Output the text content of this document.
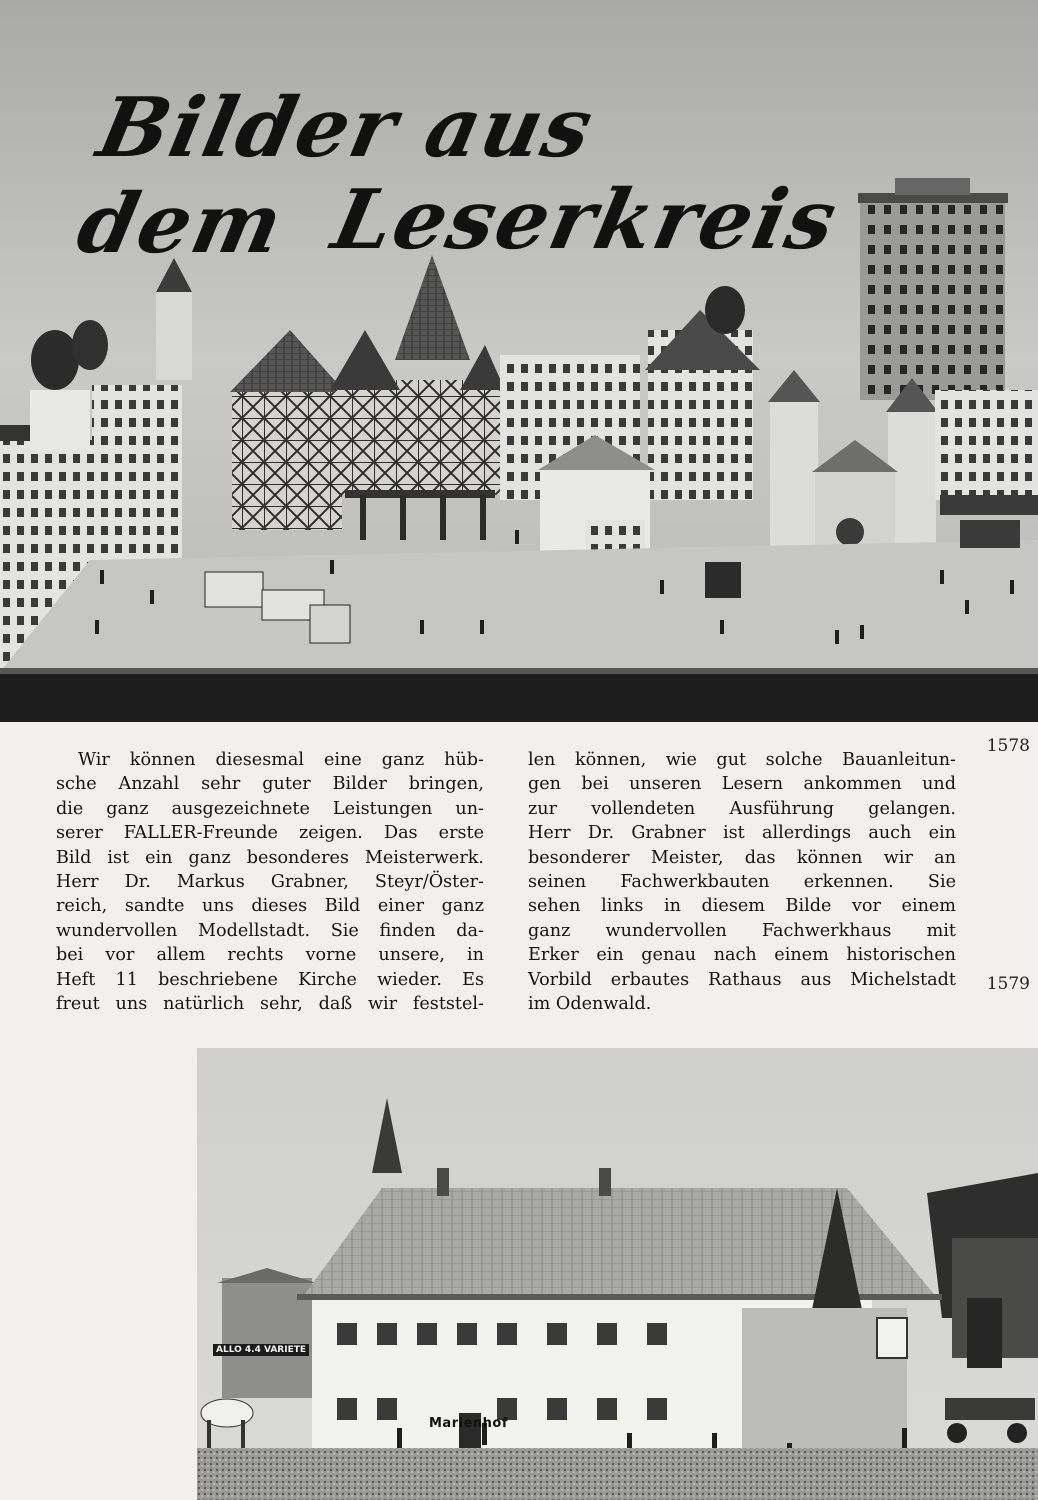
Bilder aus dem Leserkreis
1578
1579
Wir können diesesmal eine ganz hüb-
sche Anzahl sehr guter Bilder bringen,
die ganz ausgezeichnete Leistungen un-
serer FALLER-Freunde zeigen. Das erste
Bild ist ein ganz besonderes Meisterwerk.
Herr Dr. Markus Grabner, Steyr/Öster-
reich, sandte uns dieses Bild einer ganz
wundervollen Modellstadt. Sie finden da-
bei vor allem rechts vorne unsere, in
Heft 11 beschriebene Kirche wieder. Es
freut uns natürlich sehr, daß wir feststel-
len können, wie gut solche Bauanleitun-
gen bei unseren Lesern ankommen und
zur vollendeten Ausführung gelangen.
Herr Dr. Grabner ist allerdings auch ein
besonderer Meister, das können wir an
seinen Fachwerkbauten erkennen. Sie
sehen links in diesem Bilde vor einem
ganz wundervollen Fachwerkhaus mit
Erker ein genau nach einem historischen
Vorbild erbautes Rathaus aus Michelstadt
im Odenwald.
ALLO 4.4 VARIETE
Marienhof
